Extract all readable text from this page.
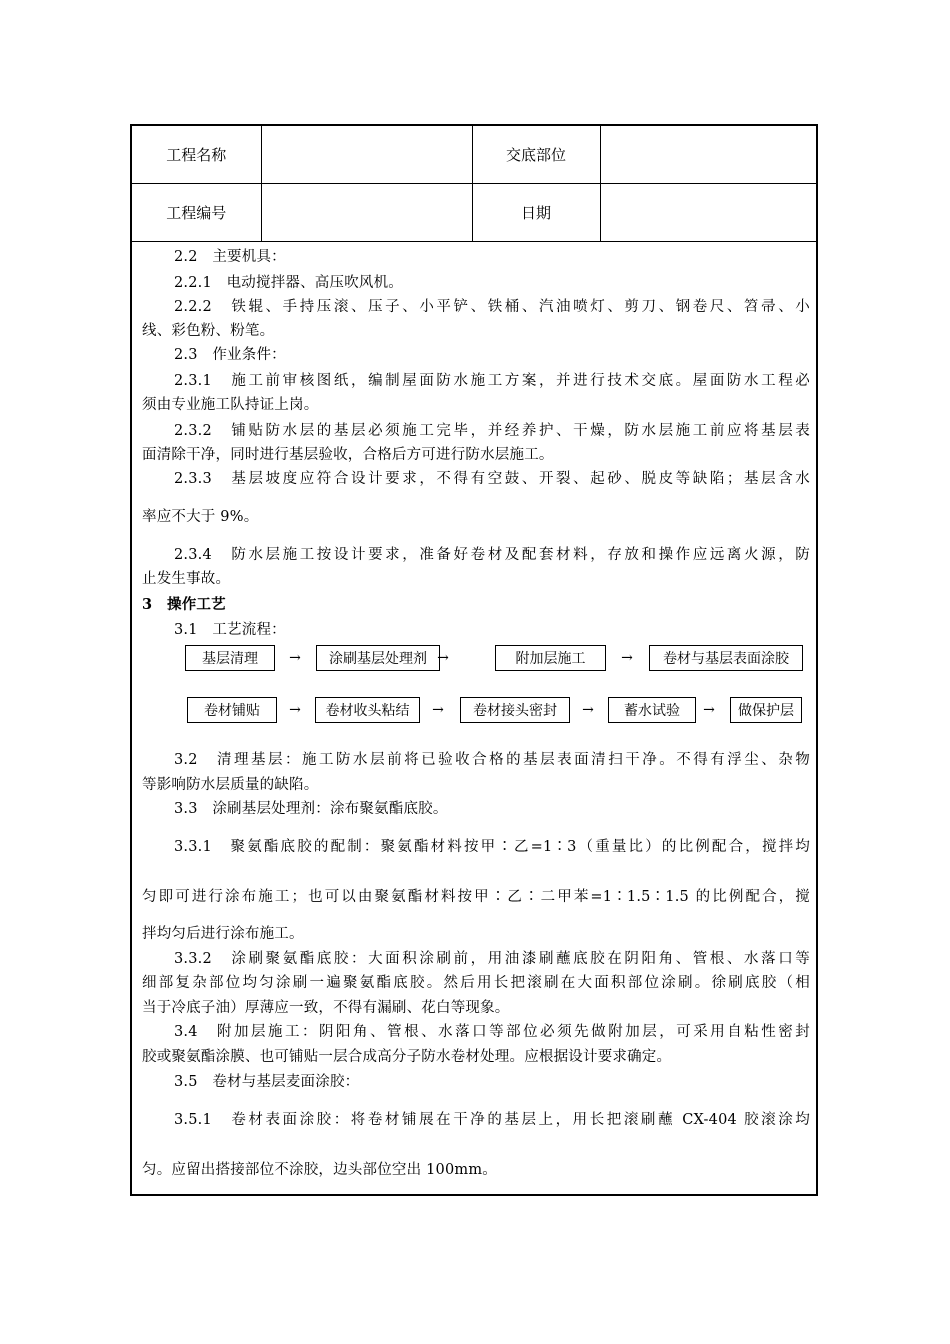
工程名称		交底部位	
工程编号		日期	
2.2　主要机具：
2.2.1　电动搅拌器、高压吹风机。
2.2.2　铁辊、手持压滚、压子、小平铲、铁桶、汽油喷灯、剪刀、钢卷尺、笤帚、小
线、彩色粉、粉笔。
2.3　作业条件：
2.3.1　施工前审核图纸，编制屋面防水施工方案，并进行技术交底。屋面防水工程必
须由专业施工队持证上岗。
2.3.2　铺贴防水层的基层必须施工完毕，并经养护、干燥，防水层施工前应将基层表
面清除干净，同时进行基层验收，合格后方可进行防水层施工。
2.3.3　基层坡度应符合设计要求，不得有空鼓、开裂、起砂、脱皮等缺陷；基层含水
率应不大于 9%。
2.3.4　防水层施工按设计要求，准备好卷材及配套材料，存放和操作应远离火源，防
止发生事故。
3　操作工艺
3.1　工艺流程：
基层清理	→	涂刷基层处理剂 →	附加层施工	→	卷材与基层表面涂胶
卷材铺贴	→	卷材收头粘结	→	卷材接头密封	→	蓄水试验	→	做保护层
3.2　清理基层：施工防水层前将已验收合格的基层表面清扫干净。不得有浮尘、杂物
等影响防水层质量的缺陷。
3.3　涂刷基层处理剂：涂布聚氨酯底胶。
3.3.1　聚氨酯底胶的配制：聚氨酯材料按甲∶乙=1∶3（重量比）的比例配合，搅拌均
匀即可进行涂布施工；也可以由聚氨酯材料按甲∶乙∶二甲苯=1∶1.5∶1.5 的比例配合，搅
拌均匀后进行涂布施工。
3.3.2　涂刷聚氨酯底胶：大面积涂刷前，用油漆刷蘸底胶在阴阳角、管根、水落口等
细部复杂部位均匀涂刷一遍聚氨酯底胶。然后用长把滚刷在大面积部位涂刷。徐刷底胶（相
当于冷底子油）厚薄应一致，不得有漏刷、花白等现象。
3.4　附加层施工：阴阳角、管根、水落口等部位必须先做附加层，可采用自粘性密封
胶或聚氨酯涂膜、也可铺贴一层合成高分子防水卷材处理。应根据设计要求确定。
3.5　卷材与基层麦面涂胶：
3.5.1　卷材表面涂胶：将卷材铺展在干净的基层上，用长把滚刷蘸 CX-404 胶滚涂均
匀。应留出搭接部位不涂胶，边头部位空出 100mm。
